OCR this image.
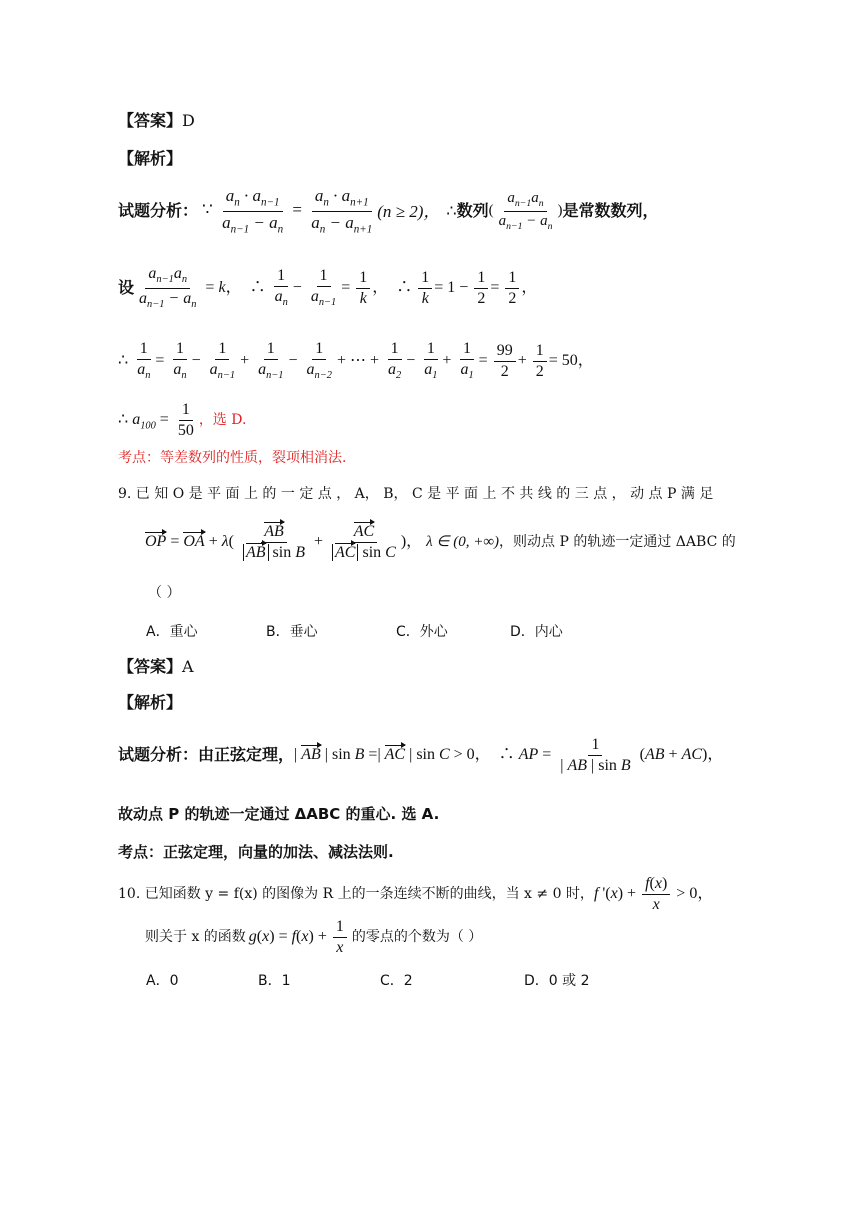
【答案】D
【解析】
试题分析： ∵ $\frac{a_n \cdot a_{n-1}}{a_{n-1} - a_n} = \frac{a_n \cdot a_{n+1}}{a_n - a_{n+1}} (n \ge 2)$， ∴ 数列 ( $\frac{a_{n-1}a_n}{a_{n-1} - a_n}$ ) 是常数数列，
设 $\frac{a_{n-1}a_n}{a_{n-1} - a_n} = k$，　∴ $\frac{1}{a_n} - \frac{1}{a_{n-1}} = \frac{1}{k}$ ，　∴ $\frac{1}{k} = 1 - \frac{1}{2} = \frac{1}{2}$ ，
∴ $\frac{1}{a_n} = \frac{1}{a_n} - \frac{1}{a_{n-1}} + \frac{1}{a_{n-1}} - \frac{1}{a_{n-2}}$ + ⋯ + $\frac{1}{a_2} - \frac{1}{a_1} + \frac{1}{a_1} = \frac{99}{2} + \frac{1}{2} = 50$，
∴ $a_{100} = \frac{1}{50}$ ，选 D.
考点：等差数列的性质，裂项相消法.
9. 已 知 O 是 平 面 上 的 一 定 点 ， A， B， C 是 平 面 上 不 共 线 的 三 点 ， 动 点 P 满 足
OP = OA + $\lambda( \frac{AB}{\text{AB sin B}} + \frac{AC}{\text{AC sin C}}$ )， λ ∈ (0, +∞) ，则动点 P 的轨迹一定通过 ΔABC 的
（ ）
A．重心	B．垂心	C．外心	D．内心
【答案】A
【解析】
试题分析：由正弦定理， | AB | sin B =| AC | sin C > 0，　∴ AP = $\frac{1}{\text{| AB | sin B}} (AB + AC)$，
故动点 P 的轨迹一定通过 ΔABC 的重心. 选 A.
考点：正弦定理，向量的加法、减法法则.
10. 已知函数 y = f(x) 的图像为 R 上的一条连续不断的曲线，当 x ≠ 0 时， f '$(x) + \frac{f(x)}{x} > 0$，
则关于 x 的函数 $g(x) = f(x) + \frac{1}{x}$ 的零点的个数为（ ）
A．0	B．1	C．2	D．0 或 2
